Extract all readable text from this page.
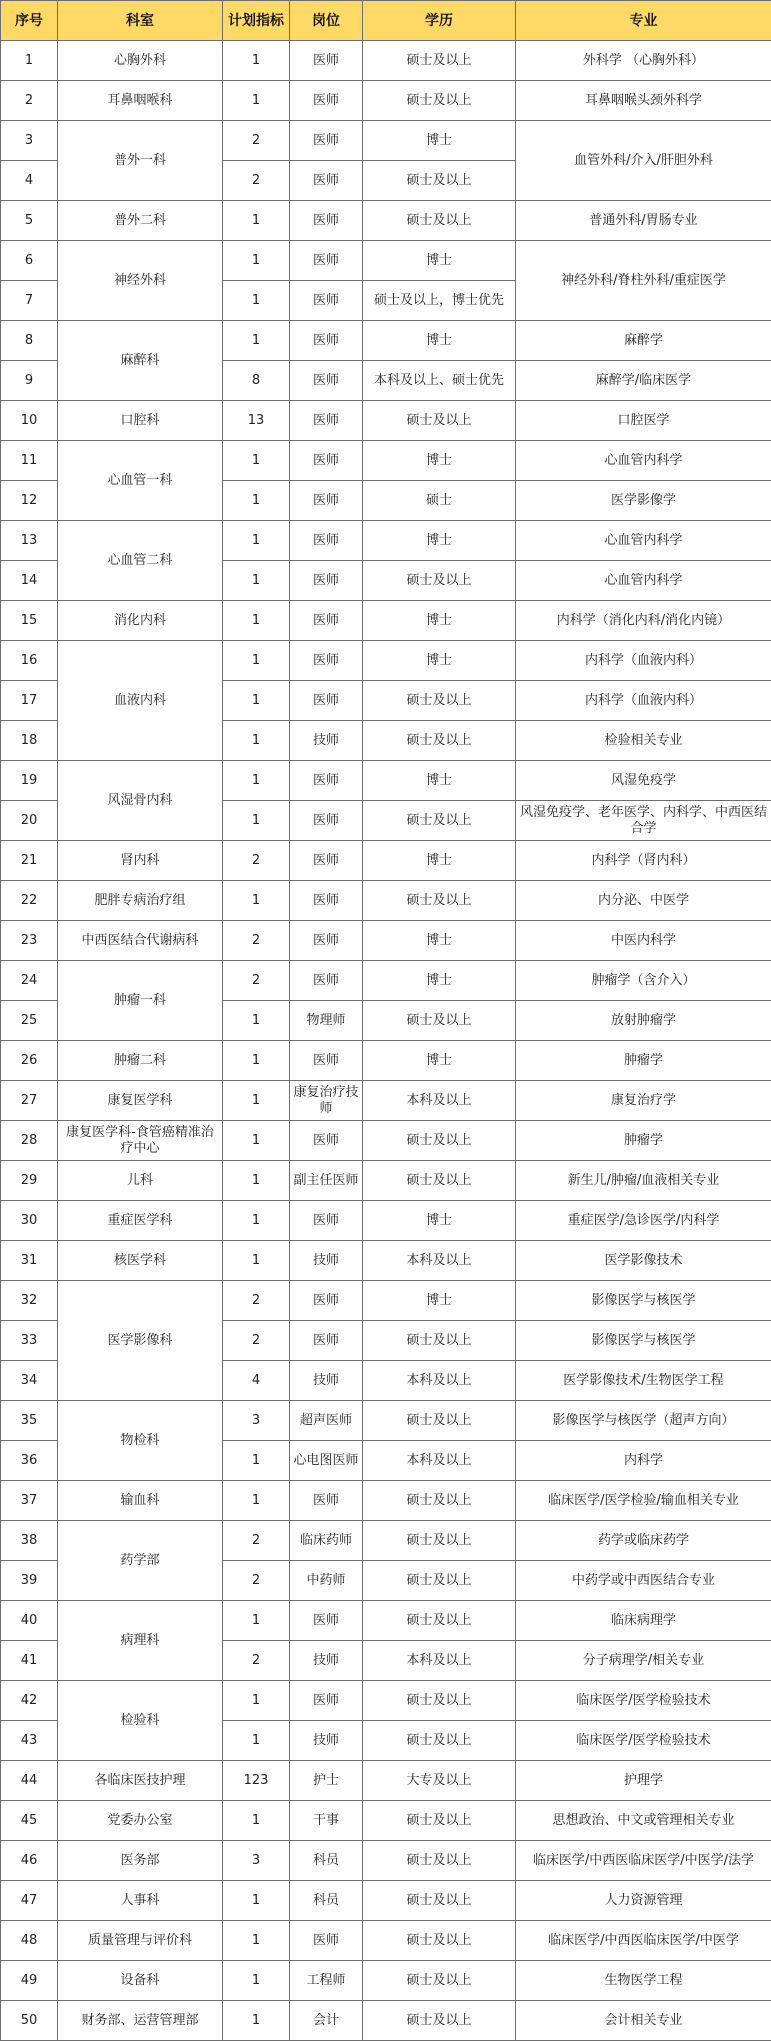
序号	科室	计划指标	岗位	学历	专业
1	心胸外科	1	医师	硕士及以上	外科学 （心胸外科）
2	耳鼻咽喉科	1	医师	硕士及以上	耳鼻咽喉头颈外科学
3	普外一科	2	医师	博士	血管外科/介入/肝胆外科
4		2	医师	硕士及以上	
5	普外二科	1	医师	硕士及以上	普通外科/胃肠专业
6	神经外科	1	医师	博士	神经外科/脊柱外科/重症医学
7		1	医师	硕士及以上，博士优先	
8	麻醉科	1	医师	博士	麻醉学
9		8	医师	本科及以上、硕士优先	麻醉学/临床医学
10	口腔科	13	医师	硕士及以上	口腔医学
11	心血管一科	1	医师	博士	心血管内科学
12		1	医师	硕士	医学影像学
13	心血管二科	1	医师	博士	心血管内科学
14		1	医师	硕士及以上	心血管内科学
15	消化内科	1	医师	博士	内科学（消化内科/消化内镜）
16	血液内科	1	医师	博士	内科学（血液内科）
17		1	医师	硕士及以上	内科学（血液内科）
18		1	技师	硕士及以上	检验相关专业
19	风湿骨内科	1	医师	博士	风湿免疫学
20		1	医师	硕士及以上	风湿免疫学、老年医学、内科学、中西医结合学
21	肾内科	2	医师	博士	内科学（肾内科）
22	肥胖专病治疗组	1	医师	硕士及以上	内分泌、中医学
23	中西医结合代谢病科	2	医师	博士	中医内科学
24	肿瘤一科	2	医师	博士	肿瘤学（含介入）
25		1	物理师	硕士及以上	放射肿瘤学
26	肿瘤二科	1	医师	博士	肿瘤学
27	康复医学科	1	康复治疗技师	本科及以上	康复治疗学
28	康复医学科-食管癌精准治疗中心	1	医师	硕士及以上	肿瘤学
29	儿科	1	副主任医师	硕士及以上	新生儿/肿瘤/血液相关专业
30	重症医学科	1	医师	博士	重症医学/急诊医学/内科学
31	核医学科	1	技师	本科及以上	医学影像技术
32	医学影像科	2	医师	博士	影像医学与核医学
33		2	医师	硕士及以上	影像医学与核医学
34		4	技师	本科及以上	医学影像技术/生物医学工程
35	物检科	3	超声医师	硕士及以上	影像医学与核医学（超声方向）
36		1	心电图医师	本科及以上	内科学
37	输血科	1	医师	硕士及以上	临床医学/医学检验/输血相关专业
38	药学部	2	临床药师	硕士及以上	药学或临床药学
39		2	中药师	硕士及以上	中药学或中西医结合专业
40	病理科	1	医师	硕士及以上	临床病理学
41		2	技师	本科及以上	分子病理学/相关专业
42	检验科	1	医师	硕士及以上	临床医学/医学检验技术
43		1	技师	硕士及以上	临床医学/医学检验技术
44	各临床医技护理	123	护士	大专及以上	护理学
45	党委办公室	1	干事	硕士及以上	思想政治、中文或管理相关专业
46	医务部	3	科员	硕士及以上	临床医学/中西医临床医学/中医学/法学
47	人事科	1	科员	硕士及以上	人力资源管理
48	质量管理与评价科	1	医师	硕士及以上	临床医学/中西医临床医学/中医学
49	设备科	1	工程师	硕士及以上	生物医学工程
50	财务部、运营管理部	1	会计	硕士及以上	会计相关专业
